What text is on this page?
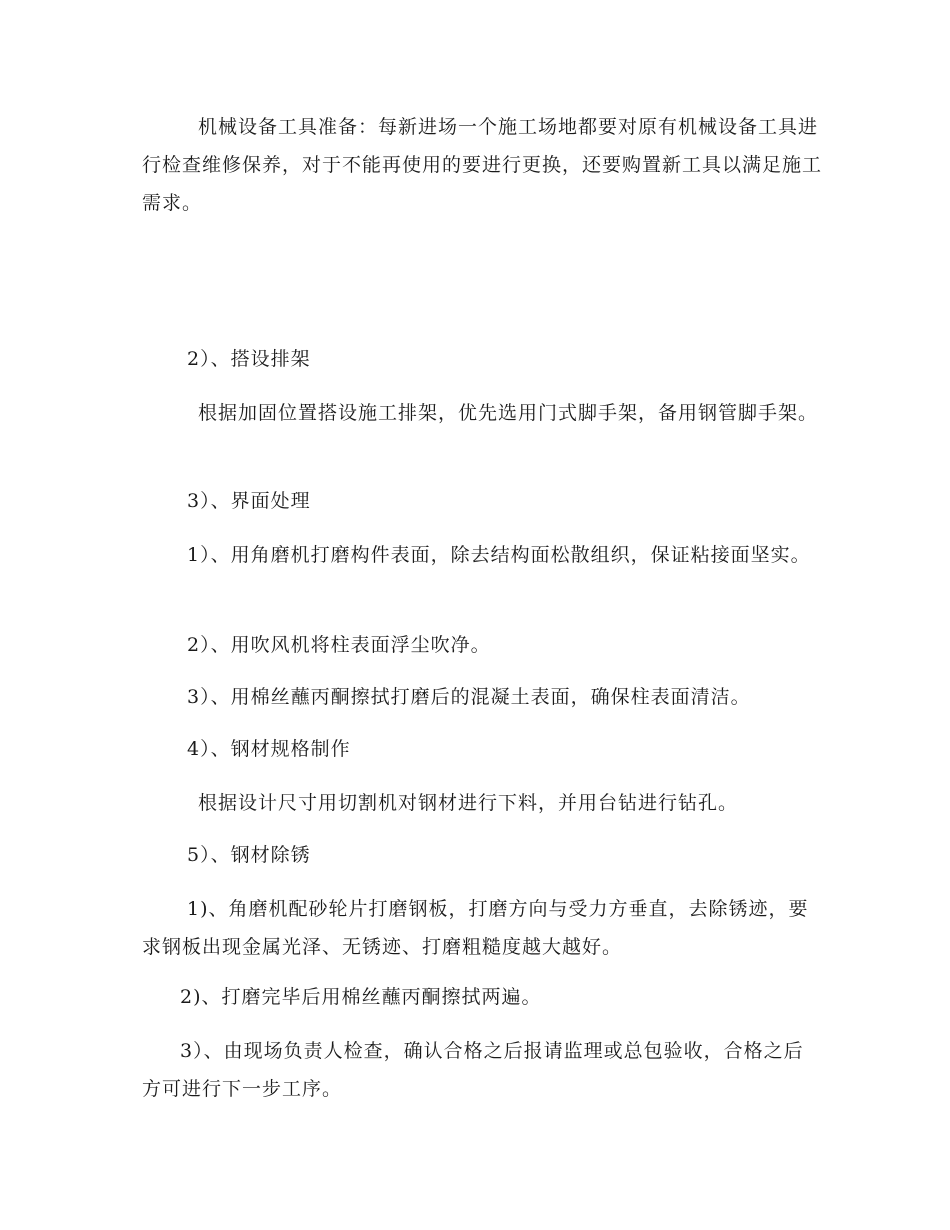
机械设备工具准备：每新进场一个施工场地都要对原有机械设备工具进行检查维修保养，对于不能再使用的要进行更换，还要购置新工具以满足施工需求。

2）、搭设排架

根据加固位置搭设施工排架，优先选用门式脚手架，备用钢管脚手架。

3）、界面处理

1）、用角磨机打磨构件表面，除去结构面松散组织，保证粘接面坚实。

2）、用吹风机将柱表面浮尘吹净。

3）、用棉丝蘸丙酮擦拭打磨后的混凝土表面，确保柱表面清洁。

4）、钢材规格制作

根据设计尺寸用切割机对钢材进行下料，并用台钻进行钻孔。

5）、钢材除锈

1)、角磨机配砂轮片打磨钢板，打磨方向与受力方垂直，去除锈迹，要求钢板出现金属光泽、无锈迹、打磨粗糙度越大越好。

2)、打磨完毕后用棉丝蘸丙酮擦拭两遍。

3）、由现场负责人检查，确认合格之后报请监理或总包验收，合格之后方可进行下一步工序。
